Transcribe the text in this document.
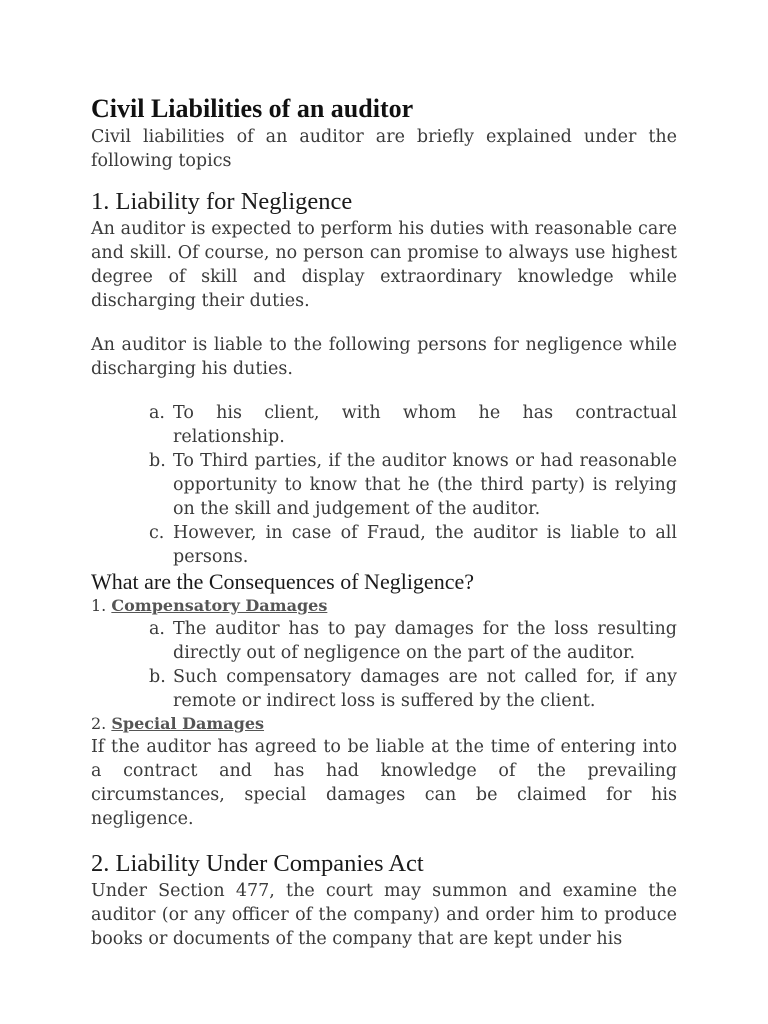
Civil Liabilities of an auditor

Civil liabilities of an auditor are briefly explained under the following topics

1. Liability for Negligence

An auditor is expected to perform his duties with reasonable care and skill. Of course, no person can promise to always use highest degree of skill and display extraordinary knowledge while discharging their duties.

An auditor is liable to the following persons for negligence while discharging his duties.

a. To his client, with whom he has contractual relationship.
b. To Third parties, if the auditor knows or had reasonable opportunity to know that he (the third party) is relying on the skill and judgement of the auditor.
c. However, in case of Fraud, the auditor is liable to all persons.
What are the Consequences of Negligence?
1. Compensatory Damages
a. The auditor has to pay damages for the loss resulting directly out of negligence on the part of the auditor.
b. Such compensatory damages are not called for, if any remote or indirect loss is suffered by the client.
2. Special Damages

If the auditor has agreed to be liable at the time of entering into a contract and has had knowledge of the prevailing circumstances, special damages can be claimed for his negligence.

2. Liability Under Companies Act

Under Section 477, the court may summon and examine the auditor (or any officer of the company) and order him to produce books or documents of the company that are kept under his
